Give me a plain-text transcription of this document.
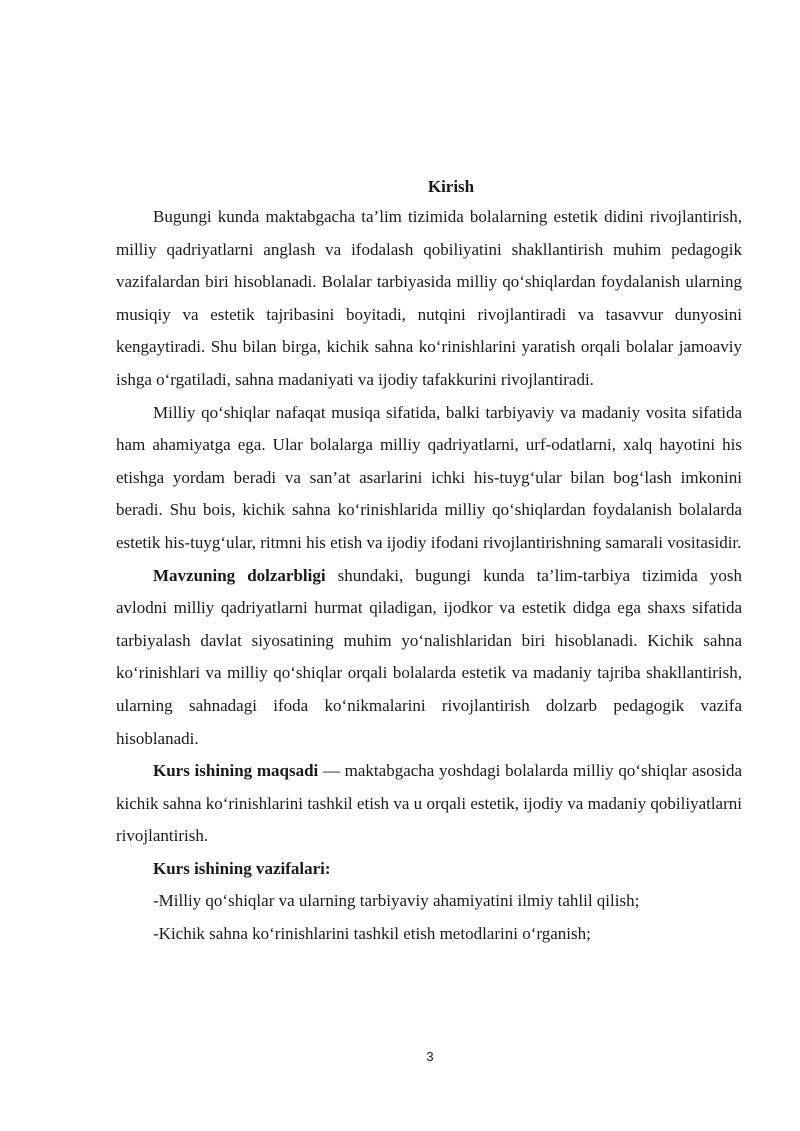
Kirish

Bugungi kunda maktabgacha ta’lim tizimida bolalarning estetik didini rivojlantirish, milliy qadriyatlarni anglash va ifodalash qobiliyatini shakllantirish muhim pedagogik vazifalardan biri hisoblanadi. Bolalar tarbiyasida milliy qo‘shiqlardan foydalanish ularning musiqiy va estetik tajribasini boyitadi, nutqini rivojlantiradi va tasavvur dunyosini kengaytiradi. Shu bilan birga, kichik sahna ko‘rinishlarini yaratish orqali bolalar jamoaviy ishga o‘rgatiladi, sahna madaniyati va ijodiy tafakkurini rivojlantiradi.

Milliy qo‘shiqlar nafaqat musiqa sifatida, balki tarbiyaviy va madaniy vosita sifatida ham ahamiyatga ega. Ular bolalarga milliy qadriyatlarni, urf-odatlarni, xalq hayotini his etishga yordam beradi va san’at asarlarini ichki his-tuyg‘ular bilan bog‘lash imkonini beradi. Shu bois, kichik sahna ko‘rinishlarida milliy qo‘shiqlardan foydalanish bolalarda estetik his-tuyg‘ular, ritmni his etish va ijodiy ifodani rivojlantirishning samarali vositasidir.

Mavzuning dolzarbligi shundaki, bugungi kunda ta’lim-tarbiya tizimida yosh avlodni milliy qadriyatlarni hurmat qiladigan, ijodkor va estetik didga ega shaxs sifatida tarbiyalash davlat siyosatining muhim yo‘nalishlaridan biri hisoblanadi. Kichik sahna ko‘rinishlari va milliy qo‘shiqlar orqali bolalarda estetik va madaniy tajriba shakllantirish, ularning sahnadagi ifoda ko‘nikmalarini rivojlantirish dolzarb pedagogik vazifa hisoblanadi.

Kurs ishining maqsadi — maktabgacha yoshdagi bolalarda milliy qo‘shiqlar asosida kichik sahna ko‘rinishlarini tashkil etish va u orqali estetik, ijodiy va madaniy qobiliyatlarni rivojlantirish.

Kurs ishining vazifalari:
-Milliy qo‘shiqlar va ularning tarbiyaviy ahamiyatini ilmiy tahlil qilish;
-Kichik sahna ko‘rinishlarini tashkil etish metodlarini o‘rganish;
3
